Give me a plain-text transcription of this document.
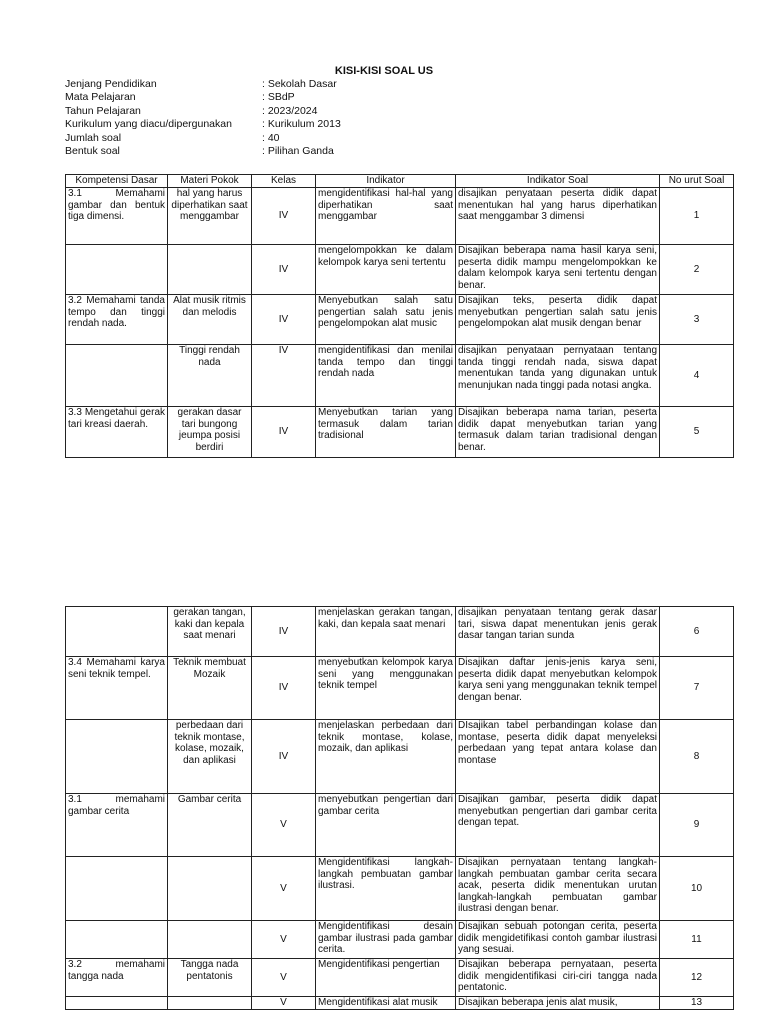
KISI-KISI SOAL US
Jenjang Pendidikan	: Sekolah Dasar
Mata Pelajaran	: SBdP
Tahun Pelajaran	: 2023/2024
Kurikulum yang diacu/dipergunakan	: Kurikulum 2013
Jumlah soal	: 40
Bentuk soal	: Pilihan Ganda
Kompetensi Dasar	Materi Pokok	Kelas	Indikator	Indikator Soal	No urut Soal
3.1 Memahami gambar dan bentuk tiga dimensi.	hal yang harus diperhatikan saat menggambar	IV	mengidentifikasi hal-hal yang diperhatikan saat menggambar	disajikan penyataan peserta didik dapat menentukan hal yang harus diperhatikan saat menggambar 3 dimensi	1
		IV	mengelompokkan ke dalam kelompok karya seni tertentu	Disajikan beberapa nama hasil karya seni, peserta didik mampu mengelompokkan ke dalam kelompok karya seni tertentu dengan benar.	2
3.2 Memahami tanda tempo dan tinggi rendah nada.	Alat musik ritmis dan melodis	IV	Menyebutkan salah satu pengertian salah satu jenis pengelompokan alat music	Disajikan teks, peserta didik dapat menyebutkan pengertian salah satu jenis pengelompokan alat musik dengan benar	3
	Tinggi rendah nada	IV	mengidentifikasi dan menilai tanda tempo dan tinggi rendah nada	disajikan penyataan pernyataan tentang tanda tinggi rendah nada, siswa dapat menentukan tanda yang digunakan untuk menunjukan nada tinggi pada notasi angka.	4
3.3 Mengetahui gerak tari kreasi daerah.	gerakan dasar tari bungong jeumpa posisi berdiri	IV	Menyebutkan tarian yang termasuk dalam tarian tradisional	Disajikan beberapa nama tarian, peserta didik dapat menyebutkan tarian yang termasuk dalam tarian tradisional dengan benar.	5
	gerakan tangan, kaki dan kepala saat menari	IV	menjelaskan gerakan tangan, kaki, dan kepala saat menari	disajikan penyataan tentang gerak dasar tari, siswa dapat menentukan jenis gerak dasar tangan tarian sunda	6
3.4 Memahami karya seni teknik tempel.	Teknik membuat Mozaik	IV	menyebutkan kelompok karya seni yang menggunakan teknik tempel	Disajikan daftar jenis-jenis karya seni, peserta didik dapat menyebutkan kelompok karya seni yang menggunakan teknik tempel dengan benar.	7
	perbedaan dari teknik montase, kolase, mozaik, dan aplikasi	IV	menjelaskan perbedaan dari teknik montase, kolase, mozaik, dan aplikasi	DIsajikan tabel perbandingan kolase dan montase, peserta didik dapat menyeleksi perbedaan yang tepat antara kolase dan montase	8
3.1 memahami gambar cerita	Gambar cerita	V	menyebutkan pengertian dari gambar cerita	Disajikan gambar, peserta didik dapat menyebutkan pengertian dari gambar cerita dengan tepat.	9
		V	Mengidentifikasi langkah-langkah pembuatan gambar ilustrasi.	Disajikan pernyataan tentang langkah-langkah pembuatan gambar cerita secara acak, peserta didik menentukan urutan langkah-langkah pembuatan gambar ilustrasi dengan benar.	10
		V	Mengidentifikasi desain gambar ilustrasi pada gambar cerita.	Disajikan sebuah potongan cerita, peserta didik mengidetifikasi contoh gambar ilustrasi yang sesuai.	11
3.2 memahami tangga nada	Tangga nada pentatonis	V	Mengidentifikasi pengertian	Disajikan beberapa pernyataan, peserta didik mengidentifikasi ciri-ciri tangga nada pentatonic.	12
		V	Mengidentifikasi alat musik	Disajikan beberapa jenis alat musik,	13
